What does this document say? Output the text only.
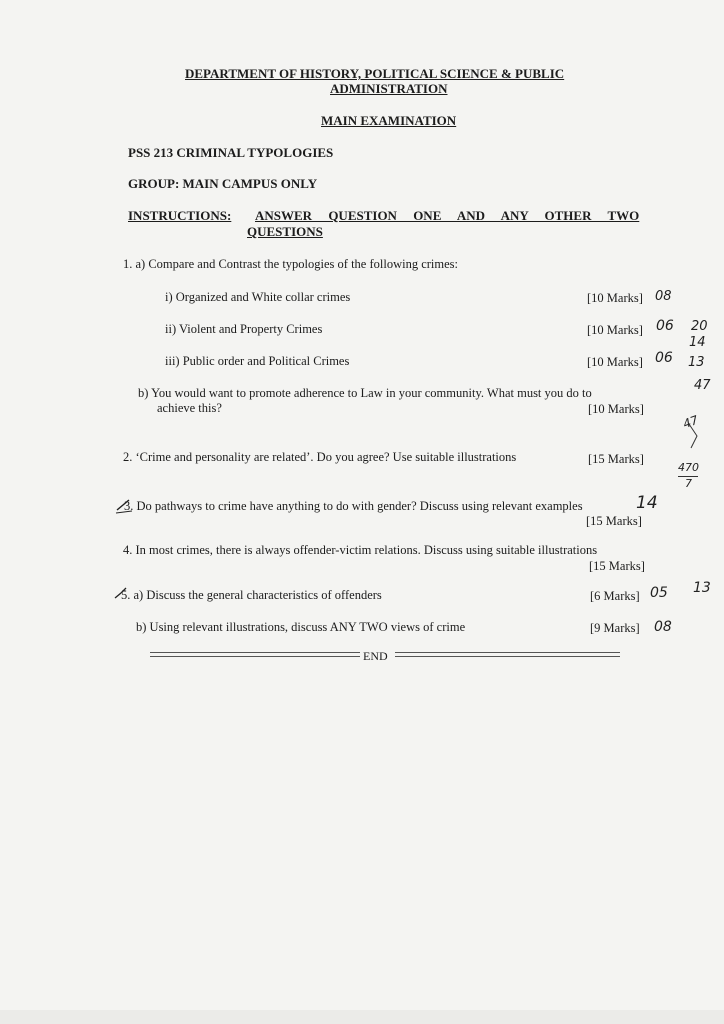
DEPARTMENT OF HISTORY, POLITICAL SCIENCE & PUBLIC
ADMINISTRATION
MAIN EXAMINATION
PSS 213 CRIMINAL TYPOLOGIES
GROUP: MAIN CAMPUS ONLY
INSTRUCTIONS: ANSWER QUESTION ONE AND ANY OTHER TWO
QUESTIONS
1. a) Compare and Contrast the typologies of the following crimes:
i) Organized and White collar crimes	[10 Marks]
ii) Violent and Property Crimes	[10 Marks]
iii) Public order and Political Crimes	[10 Marks]
b) You would want to promote adherence to Law in your community. What must you do to
achieve this?	[10 Marks]
2. ‘Crime and personality are related’. Do you agree? Use suitable illustrations	[15 Marks]
3. Do pathways to crime have anything to do with gender? Discuss using relevant examples
[15 Marks]
4. In most crimes, there is always offender-victim relations. Discuss using suitable illustrations
[15 Marks]
5. a) Discuss the general characteristics of offenders	[6 Marks]
b) Using relevant illustrations, discuss ANY TWO views of crime	[9 Marks]
END
08
06
06
20
14
13
47
47
470
7
14
05
08
13
